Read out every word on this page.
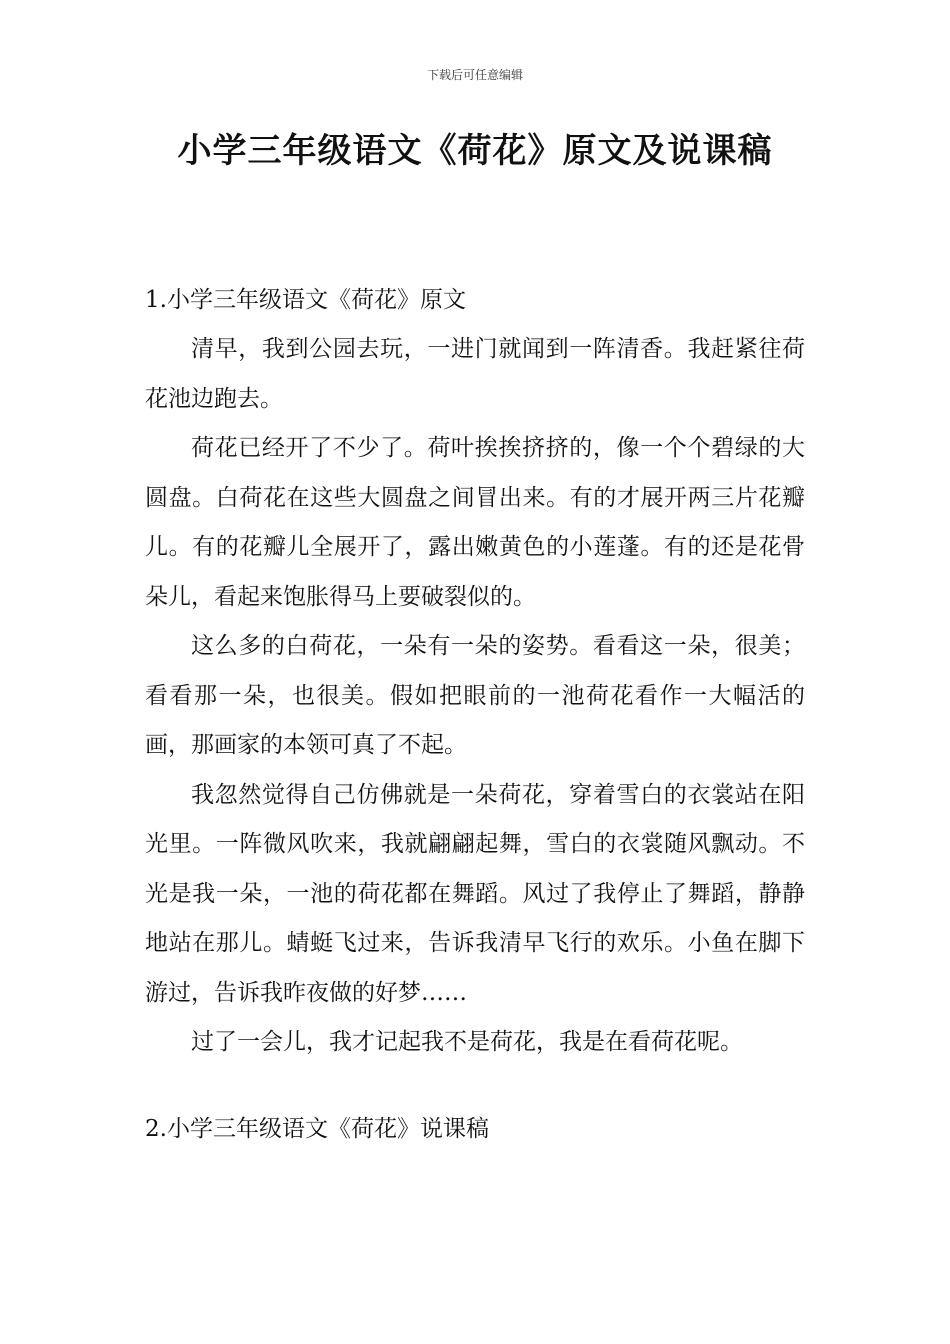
下载后可任意编辑
小学三年级语文《荷花》原文及说课稿
1.小学三年级语文《荷花》原文

清早，我到公园去玩，一进门就闻到一阵清香。我赶紧往荷花池边跑去。

荷花已经开了不少了。荷叶挨挨挤挤的，像一个个碧绿的大圆盘。白荷花在这些大圆盘之间冒出来。有的才展开两三片花瓣儿。有的花瓣儿全展开了，露出嫩黄色的小莲蓬。有的还是花骨朵儿，看起来饱胀得马上要破裂似的。

这么多的白荷花，一朵有一朵的姿势。看看这一朵，很美；看看那一朵，也很美。假如把眼前的一池荷花看作一大幅活的画，那画家的本领可真了不起。

我忽然觉得自己仿佛就是一朵荷花，穿着雪白的衣裳站在阳光里。一阵微风吹来，我就翩翩起舞，雪白的衣裳随风飘动。不光是我一朵，一池的荷花都在舞蹈。风过了我停止了舞蹈，静静地站在那儿。蜻蜓飞过来，告诉我清早飞行的欢乐。小鱼在脚下游过，告诉我昨夜做的好梦……

过了一会儿，我才记起我不是荷花，我是在看荷花呢。

2.小学三年级语文《荷花》说课稿
